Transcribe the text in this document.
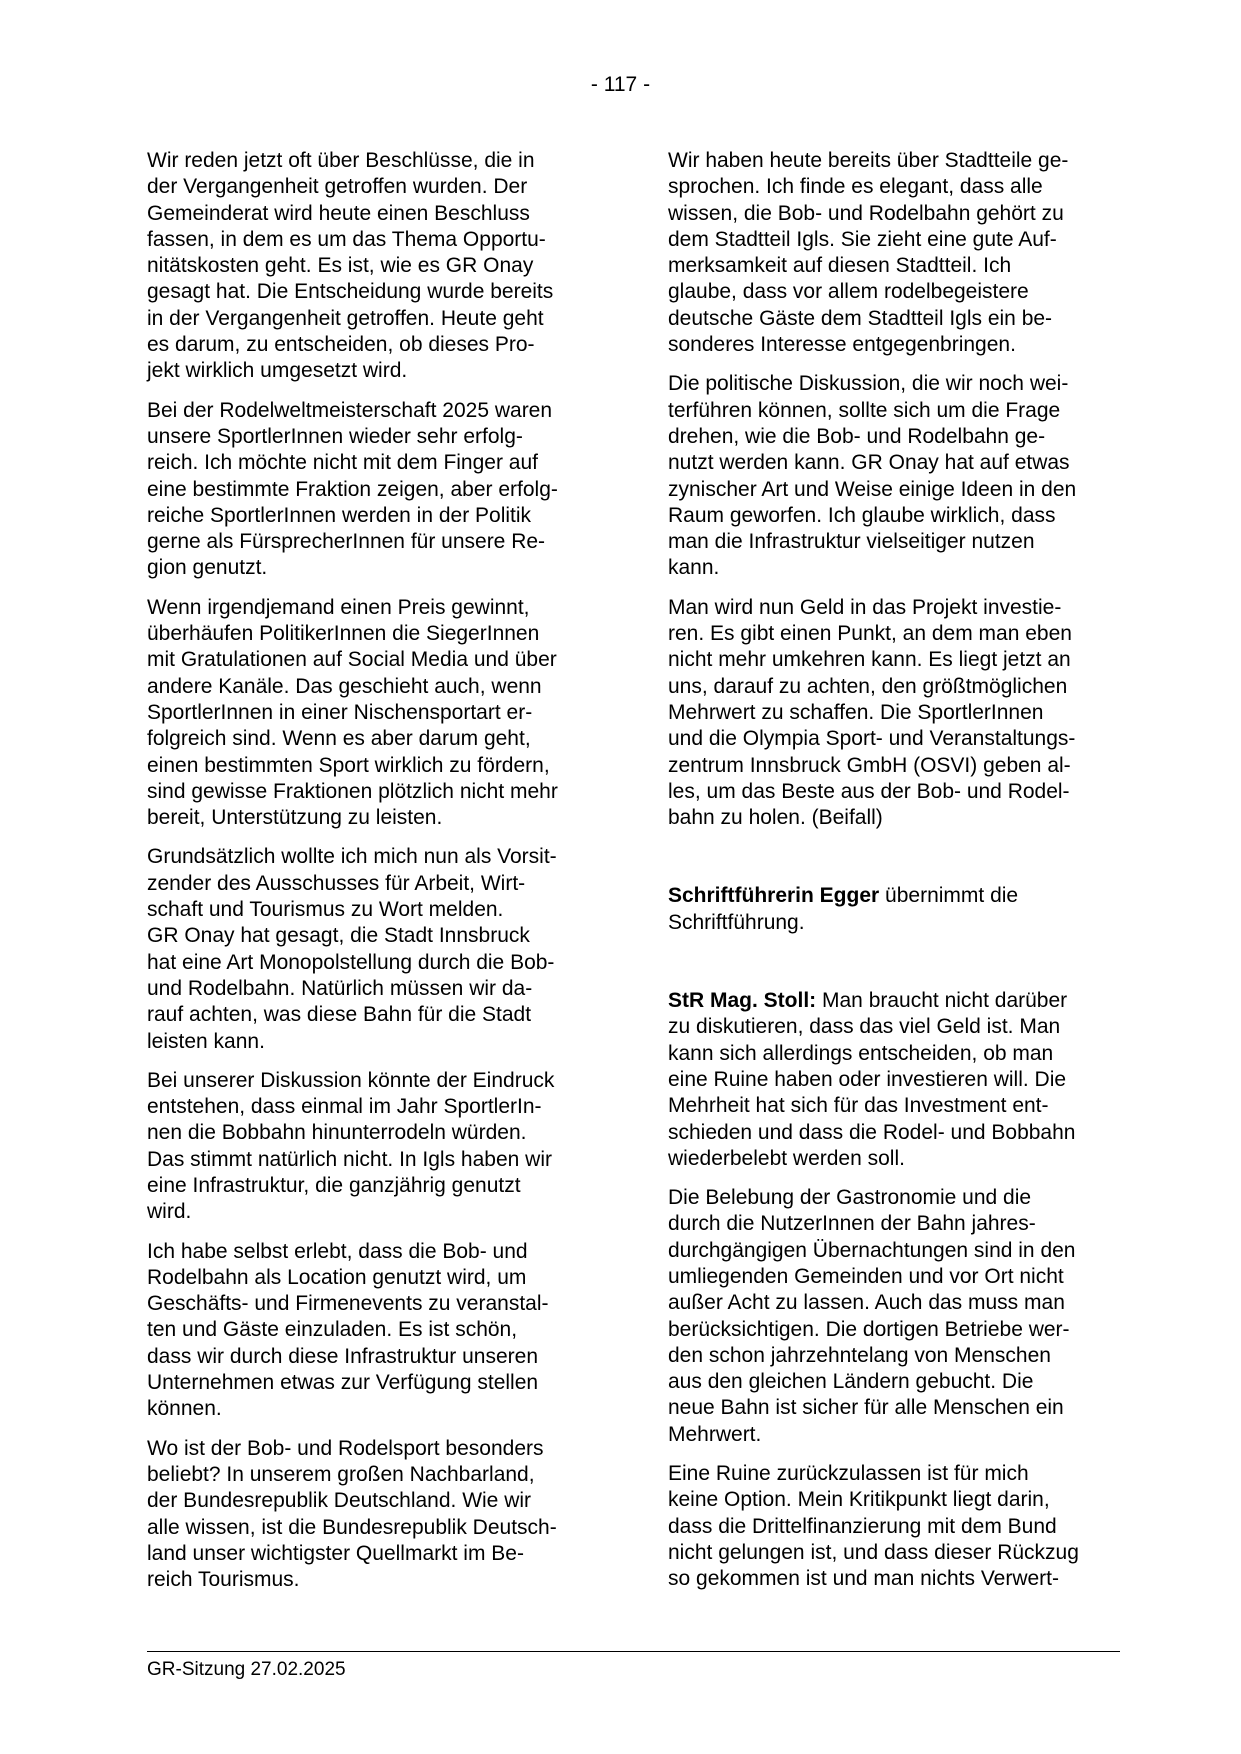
- 117 -

Wir reden jetzt oft über Beschlüsse, die in
der Vergangenheit getroffen wurden. Der
Gemeinderat wird heute einen Beschluss
fassen, in dem es um das Thema Opportu-
nitätskosten geht. Es ist, wie es GR Onay
gesagt hat. Die Entscheidung wurde bereits
in der Vergangenheit getroffen. Heute geht
es darum, zu entscheiden, ob dieses Pro-
jekt wirklich umgesetzt wird.

Bei der Rodelweltmeisterschaft 2025 waren
unsere SportlerInnen wieder sehr erfolg-
reich. Ich möchte nicht mit dem Finger auf
eine bestimmte Fraktion zeigen, aber erfolg-
reiche SportlerInnen werden in der Politik
gerne als FürsprecherInnen für unsere Re-
gion genutzt.

Wenn irgendjemand einen Preis gewinnt,
überhäufen PolitikerInnen die SiegerInnen
mit Gratulationen auf Social Media und über
andere Kanäle. Das geschieht auch, wenn
SportlerInnen in einer Nischensportart er-
folgreich sind. Wenn es aber darum geht,
einen bestimmten Sport wirklich zu fördern,
sind gewisse Fraktionen plötzlich nicht mehr
bereit, Unterstützung zu leisten.

Grundsätzlich wollte ich mich nun als Vorsit-
zender des Ausschusses für Arbeit, Wirt-
schaft und Tourismus zu Wort melden.
GR Onay hat gesagt, die Stadt Innsbruck
hat eine Art Monopolstellung durch die Bob-
und Rodelbahn. Natürlich müssen wir da-
rauf achten, was diese Bahn für die Stadt
leisten kann.

Bei unserer Diskussion könnte der Eindruck
entstehen, dass einmal im Jahr SportlerIn-
nen die Bobbahn hinunterrodeln würden.
Das stimmt natürlich nicht. In Igls haben wir
eine Infrastruktur, die ganzjährig genutzt
wird.

Ich habe selbst erlebt, dass die Bob- und
Rodelbahn als Location genutzt wird, um
Geschäfts- und Firmenevents zu veranstal-
ten und Gäste einzuladen. Es ist schön,
dass wir durch diese Infrastruktur unseren
Unternehmen etwas zur Verfügung stellen
können.

Wo ist der Bob- und Rodelsport besonders
beliebt? In unserem großen Nachbarland,
der Bundesrepublik Deutschland. Wie wir
alle wissen, ist die Bundesrepublik Deutsch-
land unser wichtigster Quellmarkt im Be-
reich Tourismus.

Wir haben heute bereits über Stadtteile ge-
sprochen. Ich finde es elegant, dass alle
wissen, die Bob- und Rodelbahn gehört zu
dem Stadtteil Igls. Sie zieht eine gute Auf-
merksamkeit auf diesen Stadtteil. Ich
glaube, dass vor allem rodelbegeistere
deutsche Gäste dem Stadtteil Igls ein be-
sonderes Interesse entgegenbringen.

Die politische Diskussion, die wir noch wei-
terführen können, sollte sich um die Frage
drehen, wie die Bob- und Rodelbahn ge-
nutzt werden kann. GR Onay hat auf etwas
zynischer Art und Weise einige Ideen in den
Raum geworfen. Ich glaube wirklich, dass
man die Infrastruktur vielseitiger nutzen
kann.

Man wird nun Geld in das Projekt investie-
ren. Es gibt einen Punkt, an dem man eben
nicht mehr umkehren kann. Es liegt jetzt an
uns, darauf zu achten, den größtmöglichen
Mehrwert zu schaffen. Die SportlerInnen
und die Olympia Sport- und Veranstaltungs-
zentrum Innsbruck GmbH (OSVI) geben al-
les, um das Beste aus der Bob- und Rodel-
bahn zu holen. (Beifall)

Schriftführerin Egger übernimmt die
Schriftführung.

StR Mag. Stoll: Man braucht nicht darüber
zu diskutieren, dass das viel Geld ist. Man
kann sich allerdings entscheiden, ob man
eine Ruine haben oder investieren will. Die
Mehrheit hat sich für das Investment ent-
schieden und dass die Rodel- und Bobbahn
wiederbelebt werden soll.

Die Belebung der Gastronomie und die
durch die NutzerInnen der Bahn jahres-
durchgängigen Übernachtungen sind in den
umliegenden Gemeinden und vor Ort nicht
außer Acht zu lassen. Auch das muss man
berücksichtigen. Die dortigen Betriebe wer-
den schon jahrzehntelang von Menschen
aus den gleichen Ländern gebucht. Die
neue Bahn ist sicher für alle Menschen ein
Mehrwert.

Eine Ruine zurückzulassen ist für mich
keine Option. Mein Kritikpunkt liegt darin,
dass die Drittelfinanzierung mit dem Bund
nicht gelungen ist, und dass dieser Rückzug
so gekommen ist und man nichts Verwert-

GR-Sitzung 27.02.2025
